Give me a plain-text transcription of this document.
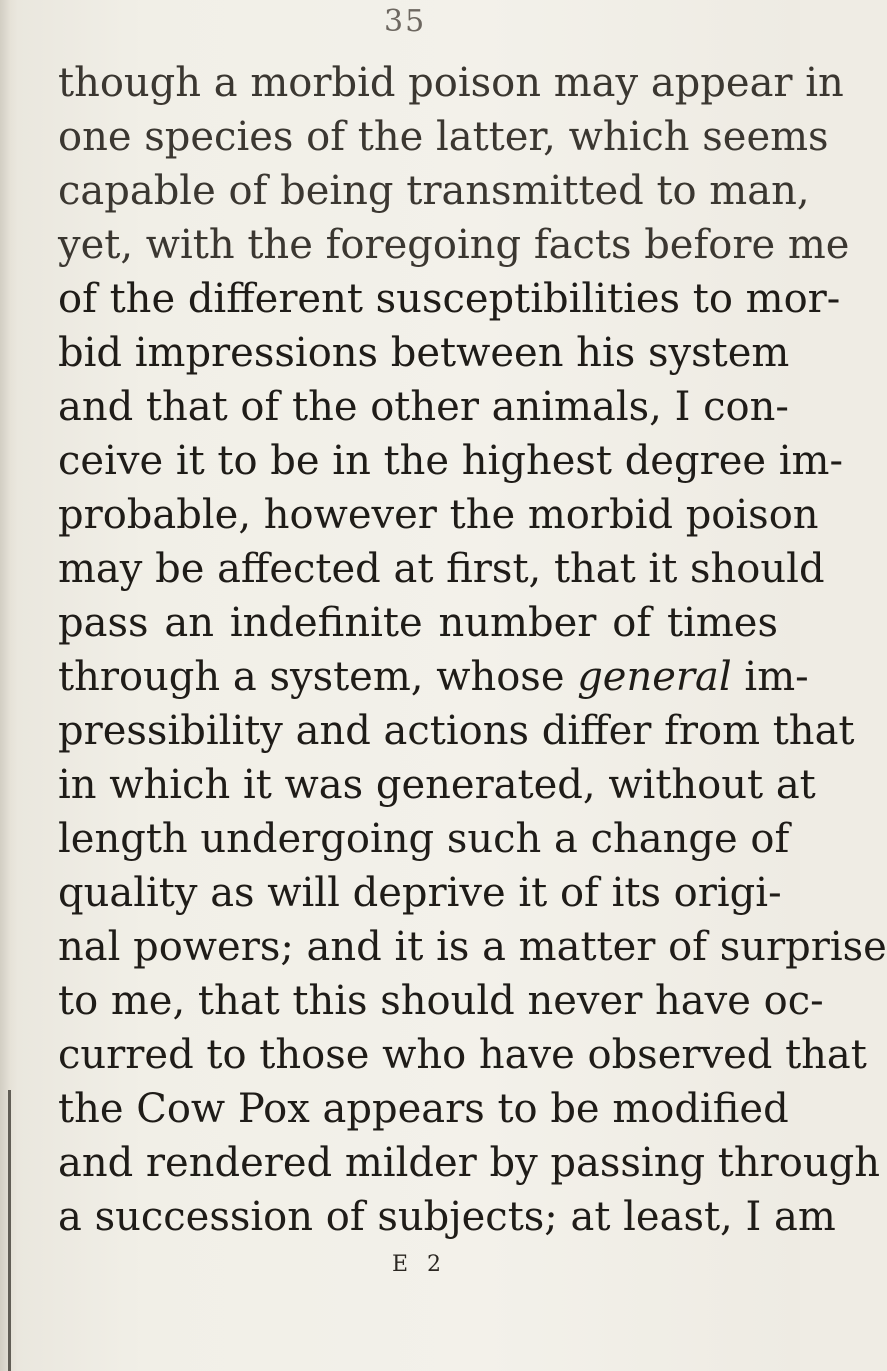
35
though a morbid poison may appear in
one species of the latter, which seems
capable of being transmitted to man,
yet, with the foregoing facts before me
of the different susceptibilities to mor-
bid impressions between his system
and that of the other animals, I con-
ceive it to be in the highest degree im-
probable, however the morbid poison
may be affected at first, that it should
pass an indefinite number of times
through a system, whose general im-
pressibility and actions differ from that
in which it was generated, without at
length undergoing such a change of
quality as will deprive it of its origi-
nal powers; and it is a matter of surprise
to me, that this should never have oc-
curred to those who have observed that
the Cow Pox appears to be modified
and rendered milder by passing through
a succession of subjects; at least, I am
E 2
